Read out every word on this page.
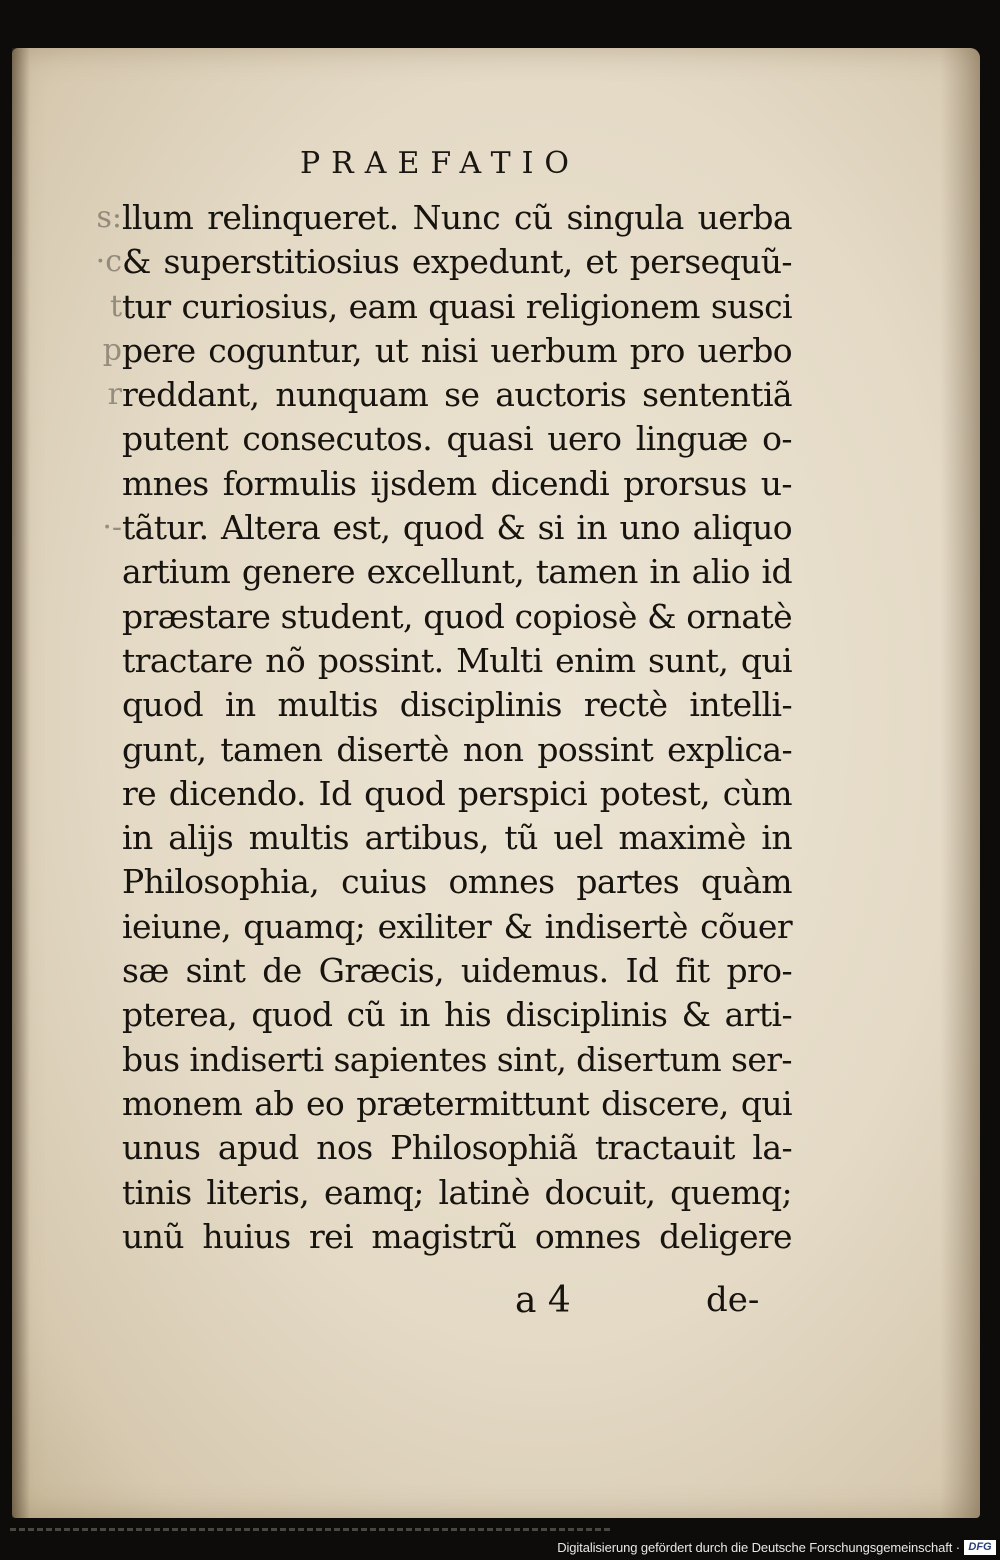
PRAEFATIO
s:
·c
t
p
r
·-
llum relinqueret. Nunc cũ singula uerba
& superstitiosius expedunt, et persequũ-
tur curiosius, eam quasi religionem susci
pere coguntur, ut nisi uerbum pro uerbo
reddant, nunquam se auctoris sententiã
putent consecutos. quasi uero linguæ o-
mnes formulis ijsdem dicendi prorsus u-
tãtur. Altera est, quod & si in uno aliquo
artium genere excellunt, tamen in alio id
præstare student, quod copiosè & ornatè
tractare nõ possint. Multi enim sunt, qui
quod in multis disciplinis rectè intelli-
gunt, tamen disertè non possint explica-
re dicendo. Id quod perspici potest, cùm
in alijs multis artibus, tũ uel maximè in
Philosophia, cuius omnes partes quàm
ieiune, quamq; exiliter & indisertè cõuer
sæ sint de Græcis, uidemus. Id fit pro-
pterea, quod cũ in his disciplinis & arti-
bus indiserti sapientes sint, disertum ser-
monem ab eo prætermittunt discere, qui
unus apud nos Philosophiã tractauit la-
tinis literis, eamq; latinè docuit, quemq;
unũ huius rei magistrũ omnes deligere
a 4	de-
Digitalisierung gefördert durch die Deutsche Forschungsgemeinschaft · DFG
